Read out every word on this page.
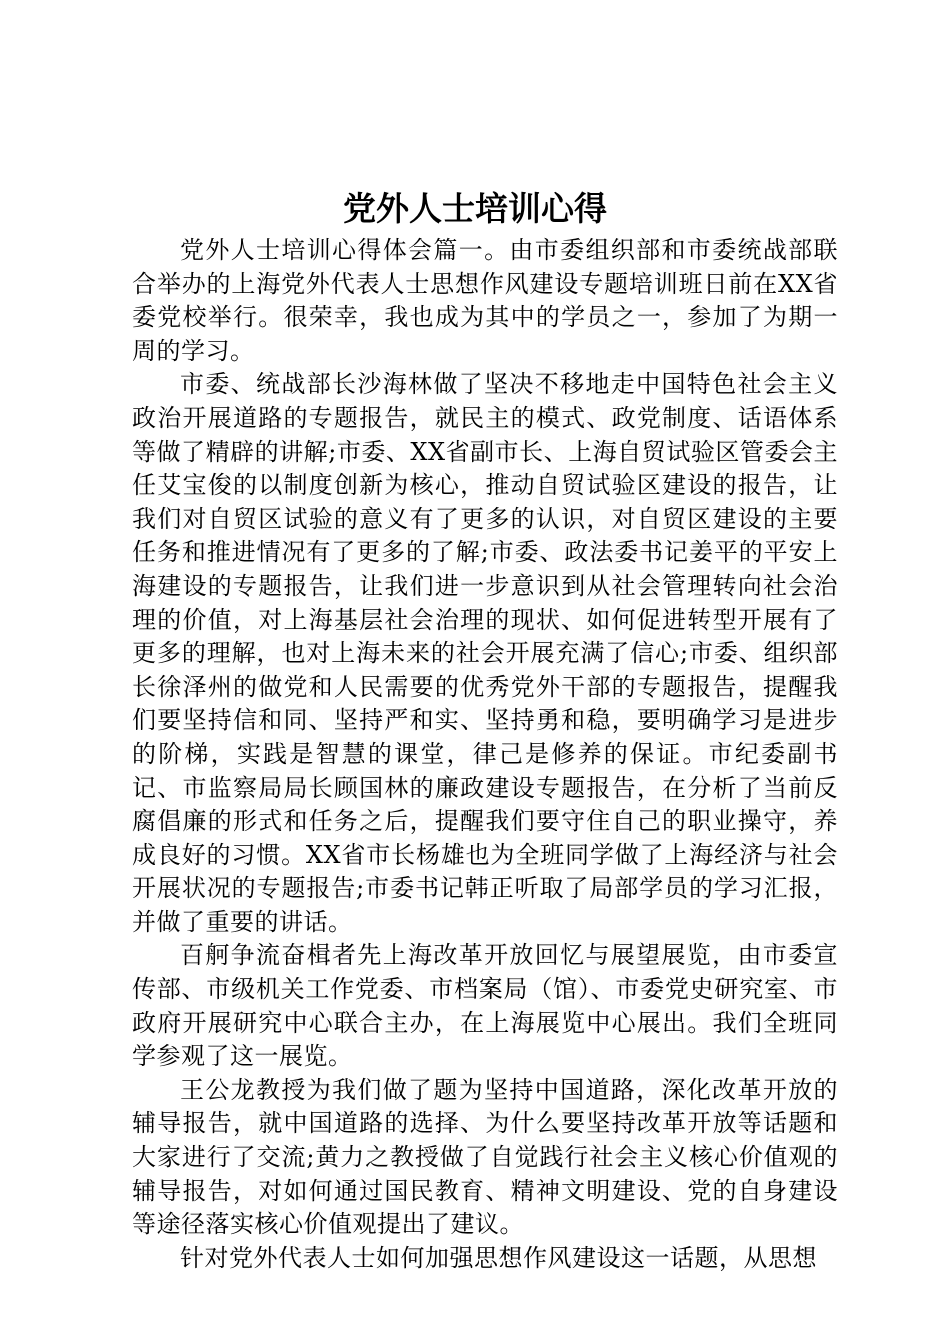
党外人士培训心得

党外人士培训心得体会篇一。由市委组织部和市委统战部联合举办的上海党外代表人士思想作风建设专题培训班日前在XX省委党校举行。很荣幸，我也成为其中的学员之一，参加了为期一周的学习。

市委、统战部长沙海林做了坚决不移地走中国特色社会主义政治开展道路的专题报告，就民主的模式、政党制度、话语体系等做了精辟的讲解;市委、XX省副市长、上海自贸试验区管委会主任艾宝俊的以制度创新为核心，推动自贸试验区建设的报告，让我们对自贸区试验的意义有了更多的认识，对自贸区建设的主要任务和推进情况有了更多的了解;市委、政法委书记姜平的平安上海建设的专题报告，让我们进一步意识到从社会管理转向社会治理的价值，对上海基层社会治理的现状、如何促进转型开展有了更多的理解，也对上海未来的社会开展充满了信心;市委、组织部长徐泽州的做党和人民需要的优秀党外干部的专题报告，提醒我们要坚持信和同、坚持严和实、坚持勇和稳，要明确学习是进步的阶梯，实践是智慧的课堂，律己是修养的保证。市纪委副书记、市监察局局长顾国林的廉政建设专题报告，在分析了当前反腐倡廉的形式和任务之后，提醒我们要守住自己的职业操守，养成良好的习惯。XX省市长杨雄也为全班同学做了上海经济与社会开展状况的专题报告;市委书记韩正听取了局部学员的学习汇报，并做了重要的讲话。

百舸争流奋楫者先上海改革开放回忆与展望展览，由市委宣传部、市级机关工作党委、市档案局（馆）、市委党史研究室、市政府开展研究中心联合主办，在上海展览中心展出。我们全班同学参观了这一展览。

王公龙教授为我们做了题为坚持中国道路，深化改革开放的辅导报告，就中国道路的选择、为什么要坚持改革开放等话题和大家进行了交流;黄力之教授做了自觉践行社会主义核心价值观的辅导报告，对如何通过国民教育、精神文明建设、党的自身建设等途径落实核心价值观提出了建议。

针对党外代表人士如何加强思想作风建设这一话题，从思想
